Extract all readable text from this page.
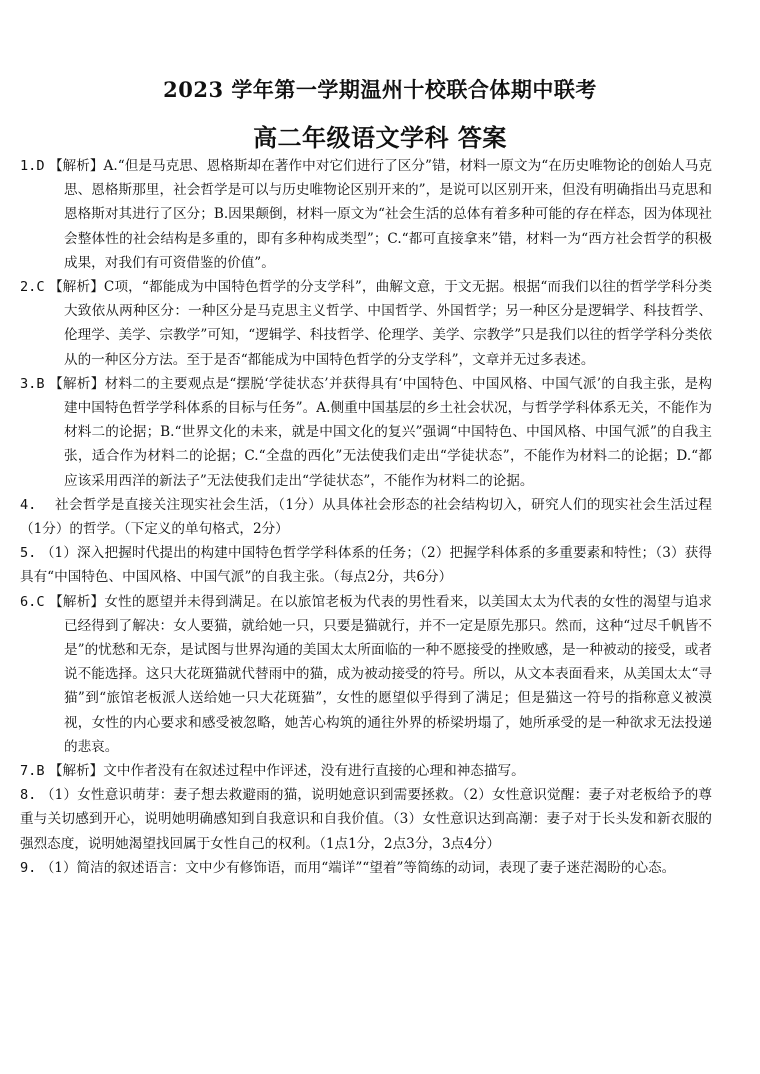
2023 学年第一学期温州十校联合体期中联考
高二年级语文学科 答案

1.D 【解析】A.“但是马克思、恩格斯却在著作中对它们进行了区分”错，材料一原文为“在历史唯物论的创始人马克思、恩格斯那里，社会哲学是可以与历史唯物论区别开来的”，是说可以区别开来，但没有明确指出马克思和恩格斯对其进行了区分；B.因果颠倒，材料一原文为“社会生活的总体有着多种可能的存在样态，因为体现社会整体性的社会结构是多重的，即有多种构成类型”；C.“都可直接拿来”错，材料一为“西方社会哲学的积极成果，对我们有可资借鉴的价值”。

2.C 【解析】C项，“都能成为中国特色哲学的分支学科”，曲解文意，于文无据。根据“而我们以往的哲学学科分类大致依从两种区分：一种区分是马克思主义哲学、中国哲学、外国哲学；另一种区分是逻辑学、科技哲学、伦理学、美学、宗教学”可知，“逻辑学、科技哲学、伦理学、美学、宗教学”只是我们以往的哲学学科分类依从的一种区分方法。至于是否“都能成为中国特色哲学的分支学科”，文章并无过多表述。

3.B 【解析】材料二的主要观点是“摆脱‘学徒状态’并获得具有‘中国特色、中国风格、中国气派’的自我主张，是构建中国特色哲学学科体系的目标与任务”。A.侧重中国基层的乡土社会状况，与哲学学科体系无关，不能作为材料二的论据；B.“世界文化的未来，就是中国文化的复兴”强调“中国特色、中国风格、中国气派”的自我主张，适合作为材料二的论据；C.“全盘的西化”无法使我们走出“学徒状态”，不能作为材料二的论据；D.“都应该采用西洋的新法子”无法使我们走出“学徒状态”，不能作为材料二的论据。

4. 社会哲学是直接关注现实社会生活，（1分）从具体社会形态的社会结构切入，研究人们的现实社会生活过程（1分）的哲学。（下定义的单句格式，2分）

5. （1）深入把握时代提出的构建中国特色哲学学科体系的任务；（2）把握学科体系的多重要素和特性；（3）获得具有“中国特色、中国风格、中国气派”的自我主张。（每点2分，共6分）

6.C 【解析】女性的愿望并未得到满足。在以旅馆老板为代表的男性看来，以美国太太为代表的女性的渴望与追求已经得到了解决：女人要猫，就给她一只，只要是猫就行，并不一定是原先那只。然而，这种“过尽千帆皆不是”的忧愁和无奈，是试图与世界沟通的美国太太所面临的一种不愿接受的挫败感，是一种被动的接受，或者说不能选择。这只大花斑猫就代替雨中的猫，成为被动接受的符号。所以，从文本表面看来，从美国太太“寻猫”到“旅馆老板派人送给她一只大花斑猫”，女性的愿望似乎得到了满足；但是猫这一符号的指称意义被漠视，女性的内心要求和感受被忽略，她苦心构筑的通往外界的桥梁坍塌了，她所承受的是一种欲求无法投递的悲哀。

7.B 【解析】文中作者没有在叙述过程中作评述，没有进行直接的心理和神态描写。

8. （1）女性意识萌芽：妻子想去救避雨的猫，说明她意识到需要拯救。（2）女性意识觉醒：妻子对老板给予的尊重与关切感到开心，说明她明确感知到自我意识和自我价值。（3）女性意识达到高潮：妻子对于长头发和新衣服的强烈态度，说明她渴望找回属于女性自己的权利。（1点1分，2点3分，3点4分）

9. （1）简洁的叙述语言：文中少有修饰语，而用“端详”“望着”等简练的动词，表现了妻子迷茫渴盼的心态。
